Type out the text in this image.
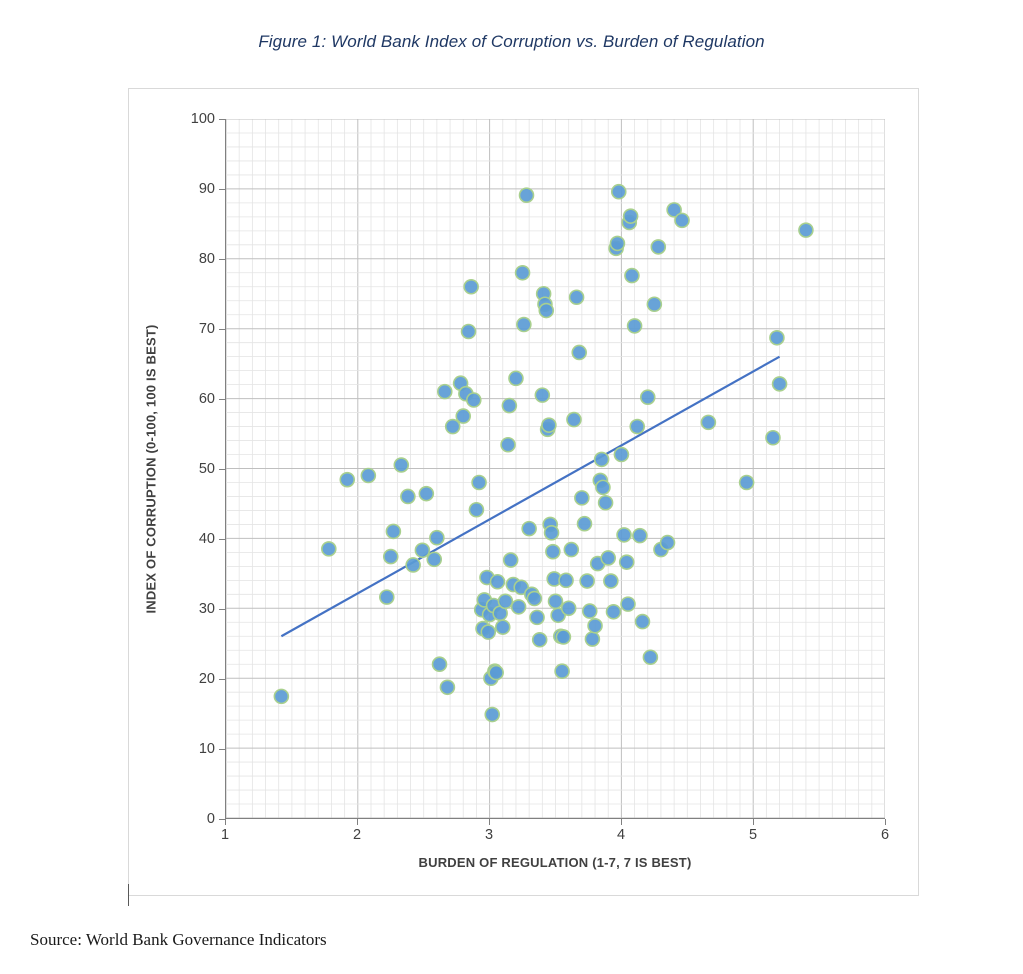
Figure 1: World Bank Index of Corruption vs. Burden of Regulation
INDEX OF CORRUPTION (0-100, 100 IS BEST)
0
10
20
30
40
50
60
70
80
90
100
1	2	3	4	5	6
BURDEN OF REGULATION (1-7, 7 IS BEST)
Source: World Bank Governance Indicators
